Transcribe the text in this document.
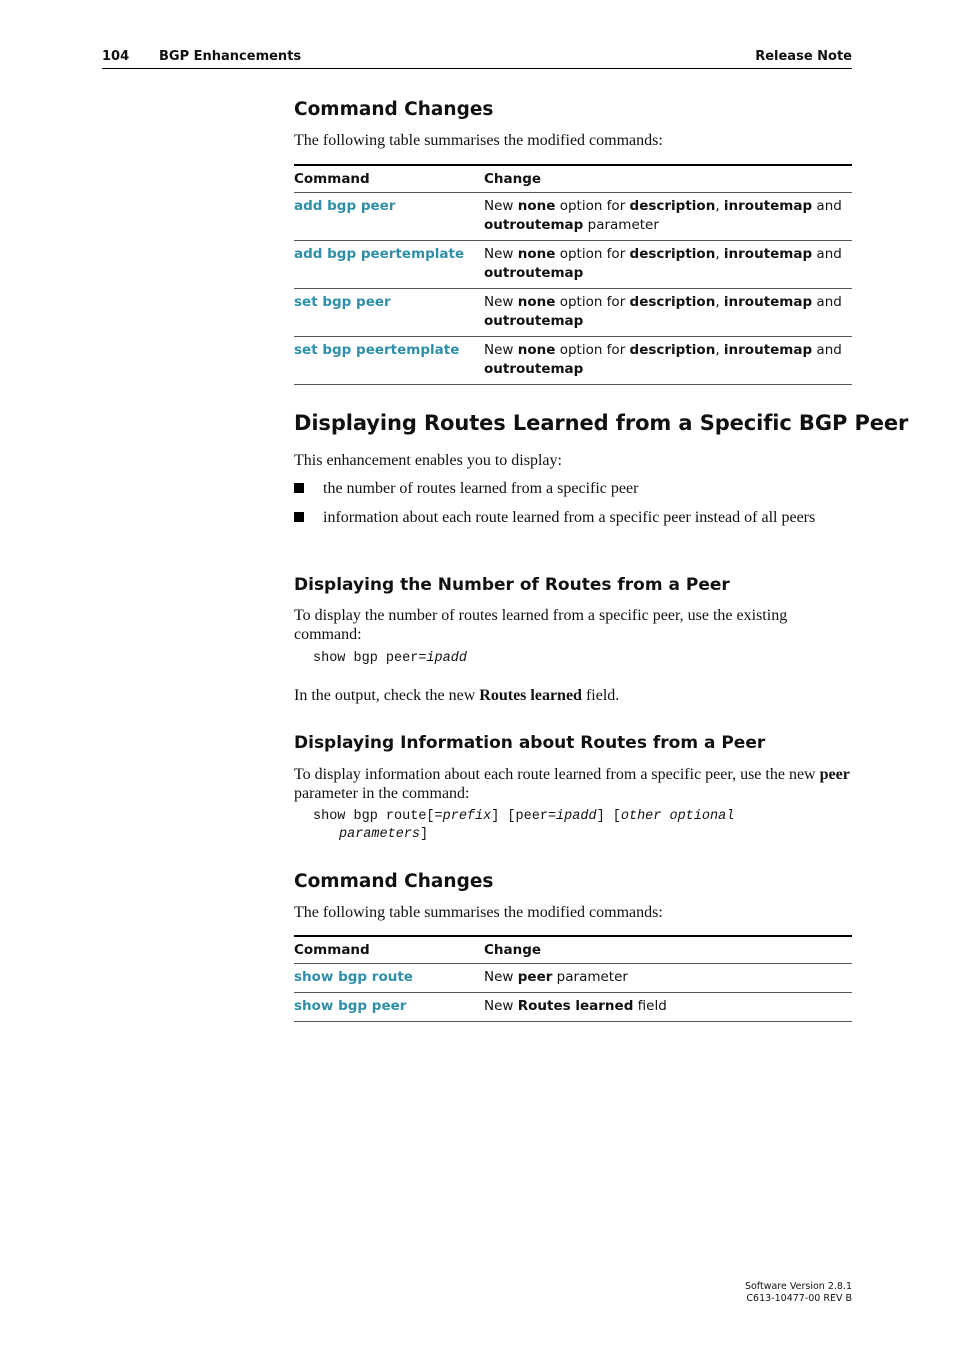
104 BGP Enhancements	Release Note
Command Changes

The following table summarises the modified commands:

Command	Change
add bgp peer	New none option for description, inroutemap and outroutemap parameter
add bgp peertemplate	New none option for description, inroutemap and outroutemap
set bgp peer	New none option for description, inroutemap and outroutemap
set bgp peertemplate	New none option for description, inroutemap and outroutemap
Displaying Routes Learned from a Specific BGP Peer

This enhancement enables you to display:

the number of routes learned from a specific peer
information about each route learned from a specific peer instead of all peers
Displaying the Number of Routes from a Peer

To display the number of routes learned from a specific peer, use the existing command:

show bgp peer=ipadd

In the output, check the new Routes learned field.

Displaying Information about Routes from a Peer

To display information about each route learned from a specific peer, use the new peer parameter in the command:

show bgp route[=prefix] [peer=ipadd] [other optional
parameters]
Command Changes

The following table summarises the modified commands:

Command	Change
show bgp route	New peer parameter
show bgp peer	New Routes learned field
Software Version 2.8.1
C613-10477-00 REV B
